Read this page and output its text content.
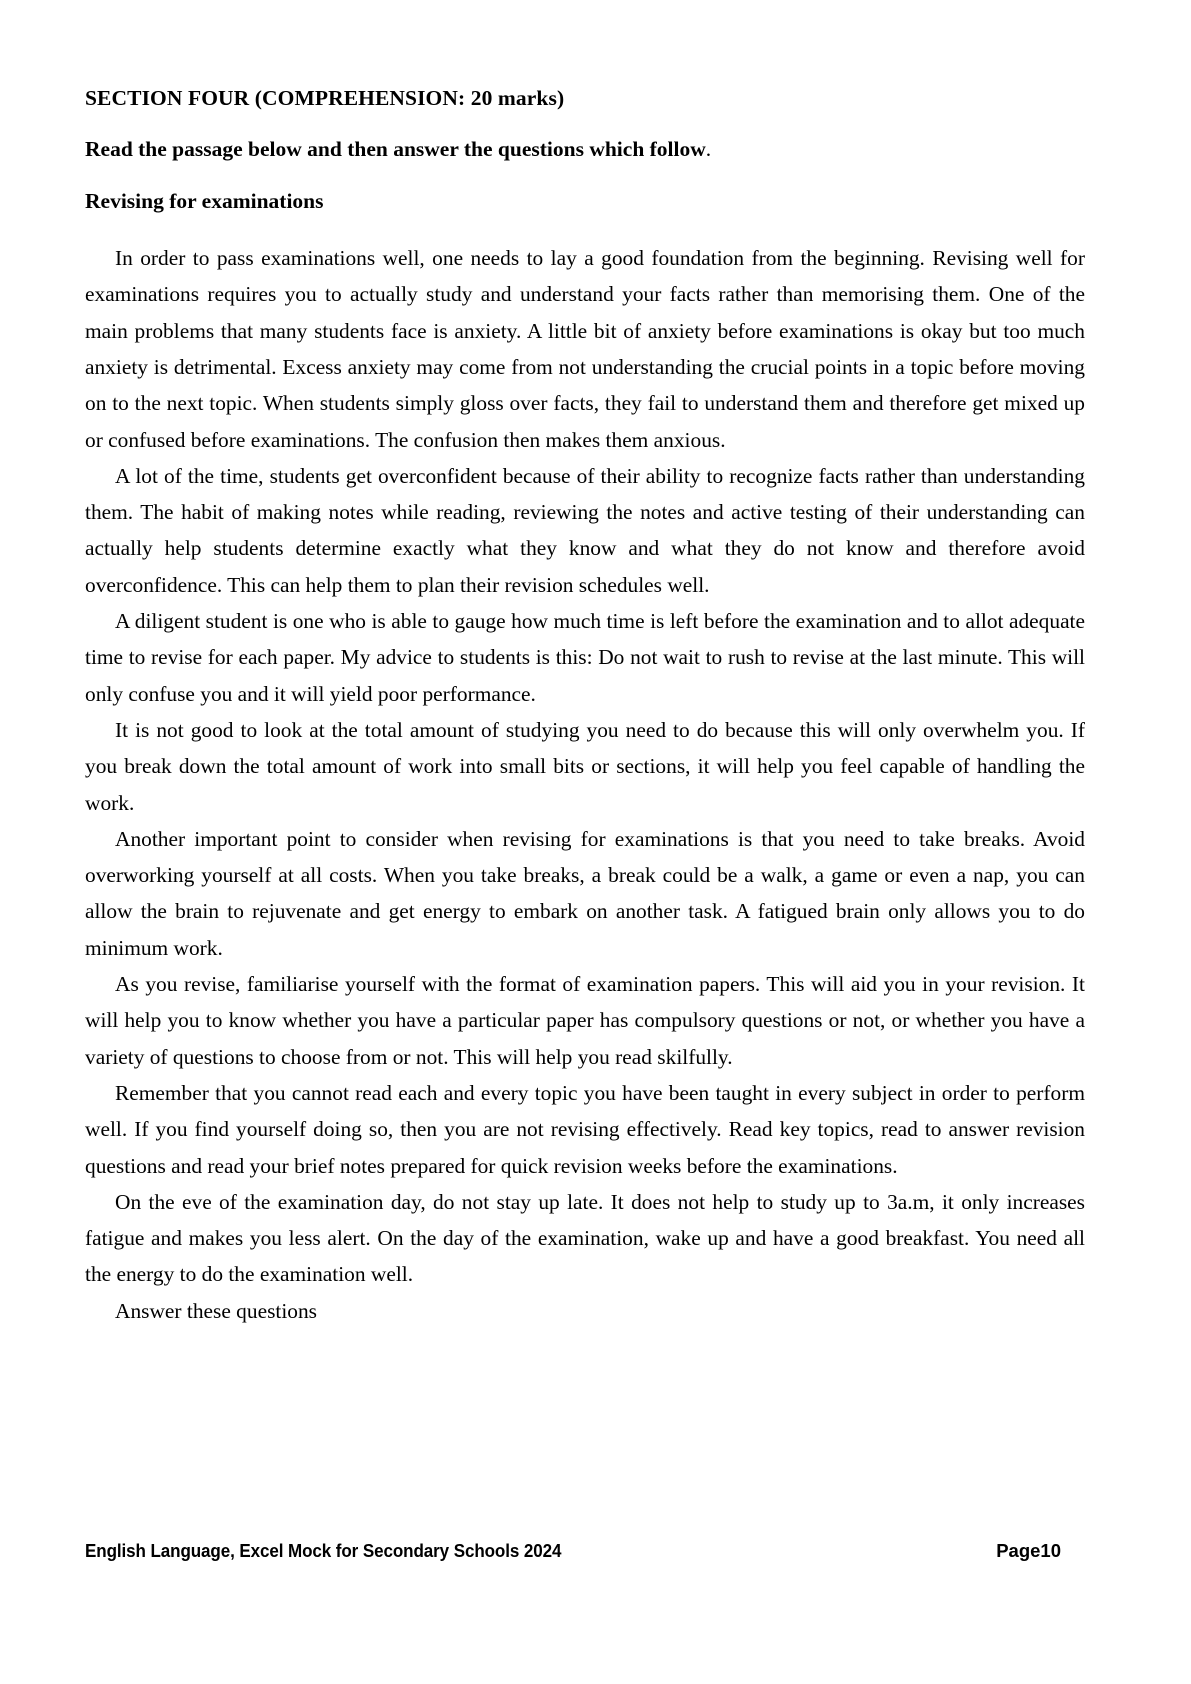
SECTION FOUR (COMPREHENSION: 20 marks)
Read the passage below and then answer the questions which follow.
Revising for examinations

In order to pass examinations well, one needs to lay a good foundation from the beginning. Revising well for examinations requires you to actually study and understand your facts rather than memorising them. One of the main problems that many students face is anxiety. A little bit of anxiety before examinations is okay but too much anxiety is detrimental. Excess anxiety may come from not understanding the crucial points in a topic before moving on to the next topic. When students simply gloss over facts, they fail to understand them and therefore get mixed up or confused before examinations. The confusion then makes them anxious.

A lot of the time, students get overconfident because of their ability to recognize facts rather than understanding them. The habit of making notes while reading, reviewing the notes and active testing of their understanding can actually help students determine exactly what they know and what they do not know and therefore avoid overconfidence. This can help them to plan their revision schedules well.

A diligent student is one who is able to gauge how much time is left before the examination and to allot adequate time to revise for each paper. My advice to students is this: Do not wait to rush to revise at the last minute. This will only confuse you and it will yield poor performance.

It is not good to look at the total amount of studying you need to do because this will only overwhelm you. If you break down the total amount of work into small bits or sections, it will help you feel capable of handling the work.

Another important point to consider when revising for examinations is that you need to take breaks. Avoid overworking yourself at all costs. When you take breaks, a break could be a walk, a game or even a nap, you can allow the brain to rejuvenate and get energy to embark on another task. A fatigued brain only allows you to do minimum work.

As you revise, familiarise yourself with the format of examination papers. This will aid you in your revision. It will help you to know whether you have a particular paper has compulsory questions or not, or whether you have a variety of questions to choose from or not. This will help you read skilfully.

Remember that you cannot read each and every topic you have been taught in every subject in order to perform well. If you find yourself doing so, then you are not revising effectively. Read key topics, read to answer revision questions and read your brief notes prepared for quick revision weeks before the examinations.

On the eve of the examination day, do not stay up late. It does not help to study up to 3a.m, it only increases fatigue and makes you less alert. On the day of the examination, wake up and have a good breakfast. You need all the energy to do the examination well.

Answer these questions

English Language, Excel Mock for Secondary Schools 2024	Page10
